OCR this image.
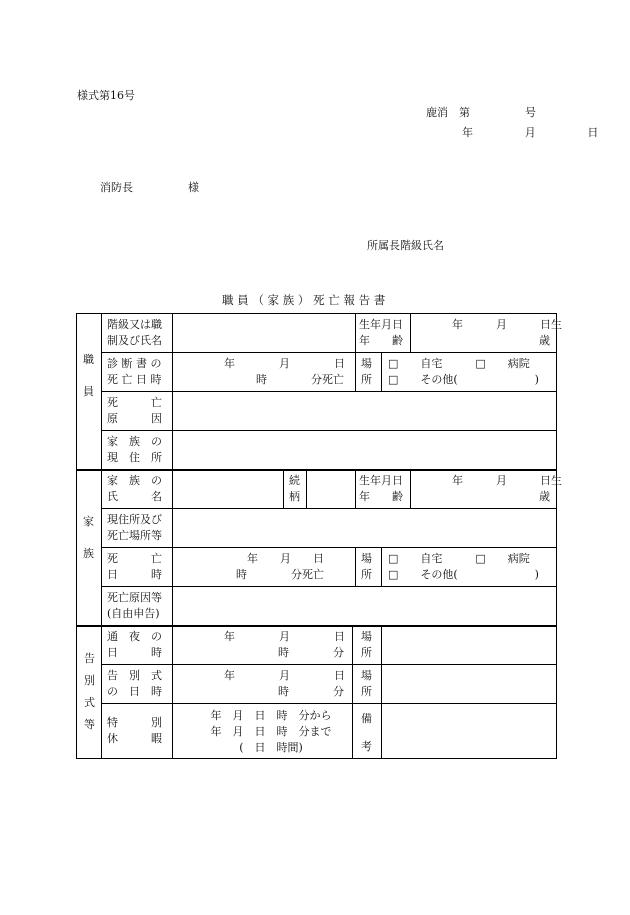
様式第16号
鹿消　第　　　　　号
年　　月　　日
消防長　　　　　様
所属長階級氏名
職員（家族）死亡報告書
職

員
家

族
告
別
式
等
階級又は職
制及び氏名
生年月日
年　　齢
年　　　月　　　日生
歳
診 断 書 の
死 亡 日 時
年　　　　月　　　　日
時　　　　分死亡
場
所
□　　自宅　　　□　　病院
□　　その他(　　　　　　　)
死　　　亡
原　　　因
家　族　の
現　住　所
家　族　の
氏　　　名
続
柄
生年月日
年　　齢
年　　　月　　　日生
歳
現住所及び
死亡場所等
死　　　亡
日　　　時
年　　月　　日
時　　　　分死亡
場
所
□　　自宅　　　□　　病院
□　　その他(　　　　　　　)
死亡原因等
(自由申告)
通　夜　の
日　　　時
年　　　　月　　　　日
時　　　　分
場
所
告　別　式
の　日　時
年　　　　月　　　　日
時　　　　分
場
所
特　　　別
休　　　暇
年　月　日　時　分から
年　月　日　時　分まで
(　日　時間)
備

考
